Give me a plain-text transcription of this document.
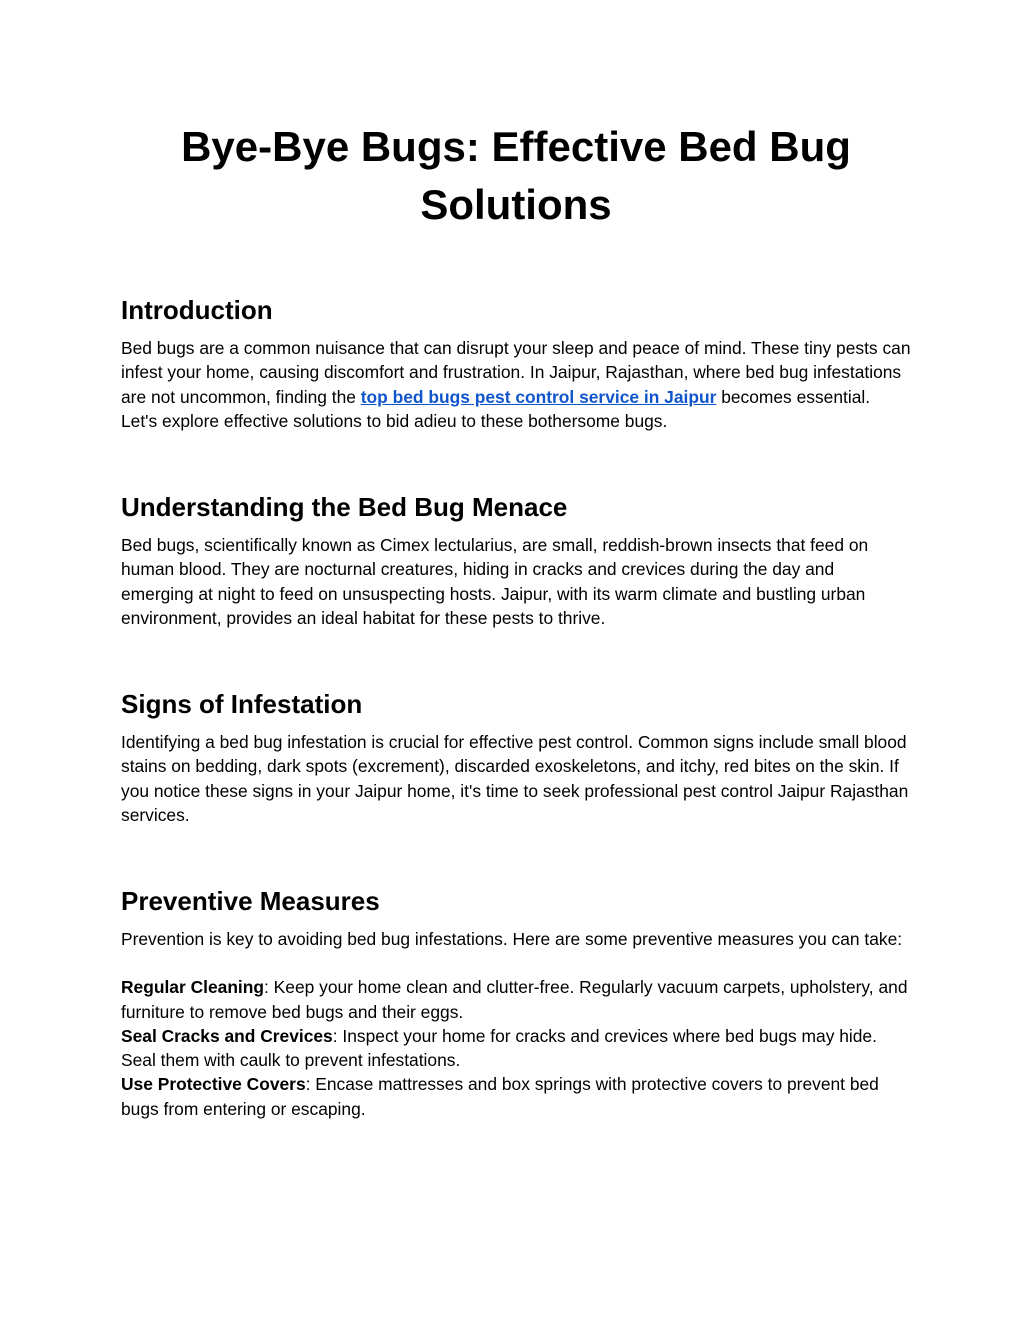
Bye-Bye Bugs: Effective Bed Bug Solutions
Introduction

Bed bugs are a common nuisance that can disrupt your sleep and peace of mind. These tiny pests can infest your home, causing discomfort and frustration. In Jaipur, Rajasthan, where bed bug infestations are not uncommon, finding the top bed bugs pest control service in Jaipur becomes essential. Let's explore effective solutions to bid adieu to these bothersome bugs.

Understanding the Bed Bug Menace

Bed bugs, scientifically known as Cimex lectularius, are small, reddish-brown insects that feed on human blood. They are nocturnal creatures, hiding in cracks and crevices during the day and emerging at night to feed on unsuspecting hosts. Jaipur, with its warm climate and bustling urban environment, provides an ideal habitat for these pests to thrive.

Signs of Infestation

Identifying a bed bug infestation is crucial for effective pest control. Common signs include small blood stains on bedding, dark spots (excrement), discarded exoskeletons, and itchy, red bites on the skin. If you notice these signs in your Jaipur home, it's time to seek professional pest control Jaipur Rajasthan services.

Preventive Measures

Prevention is key to avoiding bed bug infestations. Here are some preventive measures you can take:

Regular Cleaning: Keep your home clean and clutter-free. Regularly vacuum carpets, upholstery, and furniture to remove bed bugs and their eggs.

Seal Cracks and Crevices: Inspect your home for cracks and crevices where bed bugs may hide. Seal them with caulk to prevent infestations.

Use Protective Covers: Encase mattresses and box springs with protective covers to prevent bed bugs from entering or escaping.
